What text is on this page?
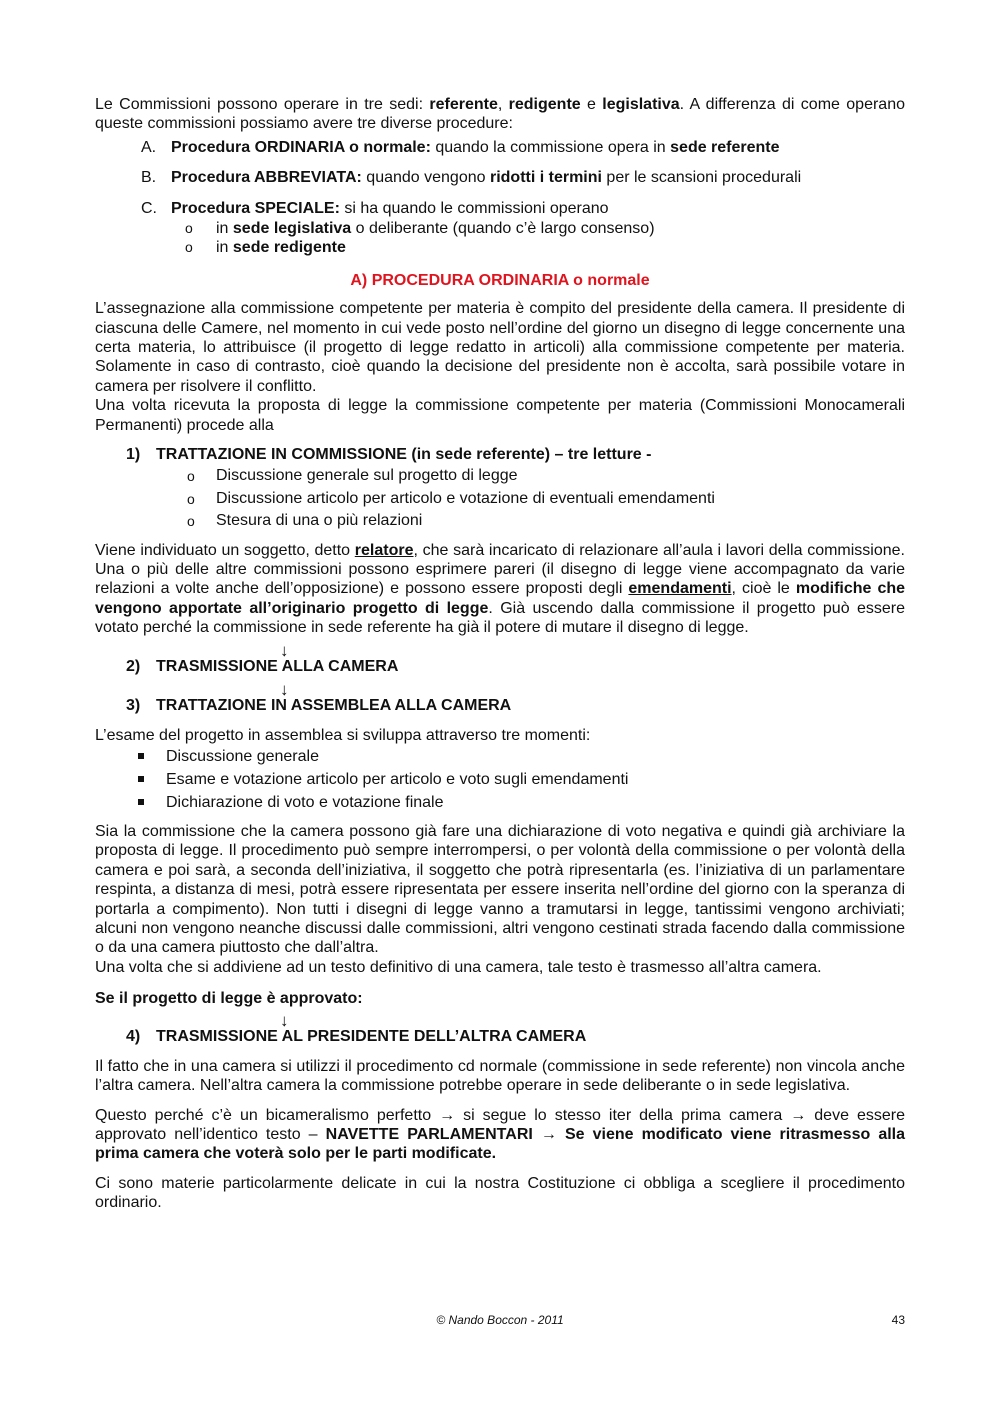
Le Commissioni possono operare in tre sedi: referente, redigente e legislativa. A differenza di come operano queste commissioni possiamo avere tre diverse procedure:

A. Procedura ORDINARIA o normale: quando la commissione opera in sede referente
B. Procedura ABBREVIATA: quando vengono ridotti i termini per le scansioni procedurali
C. Procedura SPECIALE: si ha quando le commissioni operano
o in sede legislativa o deliberante (quando c’è largo consenso)
o in sede redigente

A) PROCEDURA ORDINARIA o normale

L’assegnazione alla commissione competente per materia è compito del presidente della camera. Il presidente di ciascuna delle Camere, nel momento in cui vede posto nell’ordine del giorno un disegno di legge concernente una certa materia, lo attribuisce (il progetto di legge redatto in articoli) alla commissione competente per materia. Solamente in caso di contrasto, cioè quando la decisione del presidente non è accolta, sarà possibile votare in camera per risolvere il conflitto.

Una volta ricevuta la proposta di legge la commissione competente per materia (Commissioni Monocamerali Permanenti) procede alla

1) TRATTAZIONE IN COMMISSIONE (in sede referente) – tre letture -
o Discussione generale sul progetto di legge
o Discussione articolo per articolo e votazione di eventuali emendamenti
o Stesura di una o più relazioni

Viene individuato un soggetto, detto relatore, che sarà incaricato di relazionare all’aula i lavori della commissione. Una o più delle altre commissioni possono esprimere pareri (il disegno di legge viene accompagnato da varie relazioni a volte anche dell’opposizione) e possono essere proposti degli emendamenti, cioè le modifiche che vengono apportate all’originario progetto di legge. Già uscendo dalla commissione il progetto può essere votato perché la commissione in sede referente ha già il potere di mutare il disegno di legge.

↓
2) TRASMISSIONE ALLA CAMERA
↓
3) TRATTAZIONE IN ASSEMBLEA ALLA CAMERA

L’esame del progetto in assemblea si sviluppa attraverso tre momenti:

Discussione generale
Esame e votazione articolo per articolo e voto sugli emendamenti
Dichiarazione di voto e votazione finale

Sia la commissione che la camera possono già fare una dichiarazione di voto negativa e quindi già archiviare la proposta di legge. Il procedimento può sempre interrompersi, o per volontà della commissione o per volontà della camera e poi sarà, a seconda dell’iniziativa, il soggetto che potrà ripresentarla (es. l’iniziativa di un parlamentare respinta, a distanza di mesi, potrà essere ripresentata per essere inserita nell’ordine del giorno con la speranza di portarla a compimento). Non tutti i disegni di legge vanno a tramutarsi in legge, tantissimi vengono archiviati; alcuni non vengono neanche discussi dalle commissioni, altri vengono cestinati strada facendo dalla commissione o da una camera piuttosto che dall’altra.

Una volta che si addiviene ad un testo definitivo di una camera, tale testo è trasmesso all’altra camera.

Se il progetto di legge è approvato:

↓
4) TRASMISSIONE AL PRESIDENTE DELL’ALTRA CAMERA

Il fatto che in una camera si utilizzi il procedimento cd normale (commissione in sede referente) non vincola anche l’altra camera. Nell’altra camera la commissione potrebbe operare in sede deliberante o in sede legislativa.

Questo perché c’è un bicameralismo perfetto → si segue lo stesso iter della prima camera → deve essere approvato nell’identico testo – NAVETTE PARLAMENTARI → Se viene modificato viene ritrasmesso alla prima camera che voterà solo per le parti modificate.

Ci sono materie particolarmente delicate in cui la nostra Costituzione ci obbliga a scegliere il procedimento ordinario.

© Nando Boccon - 2011	43
